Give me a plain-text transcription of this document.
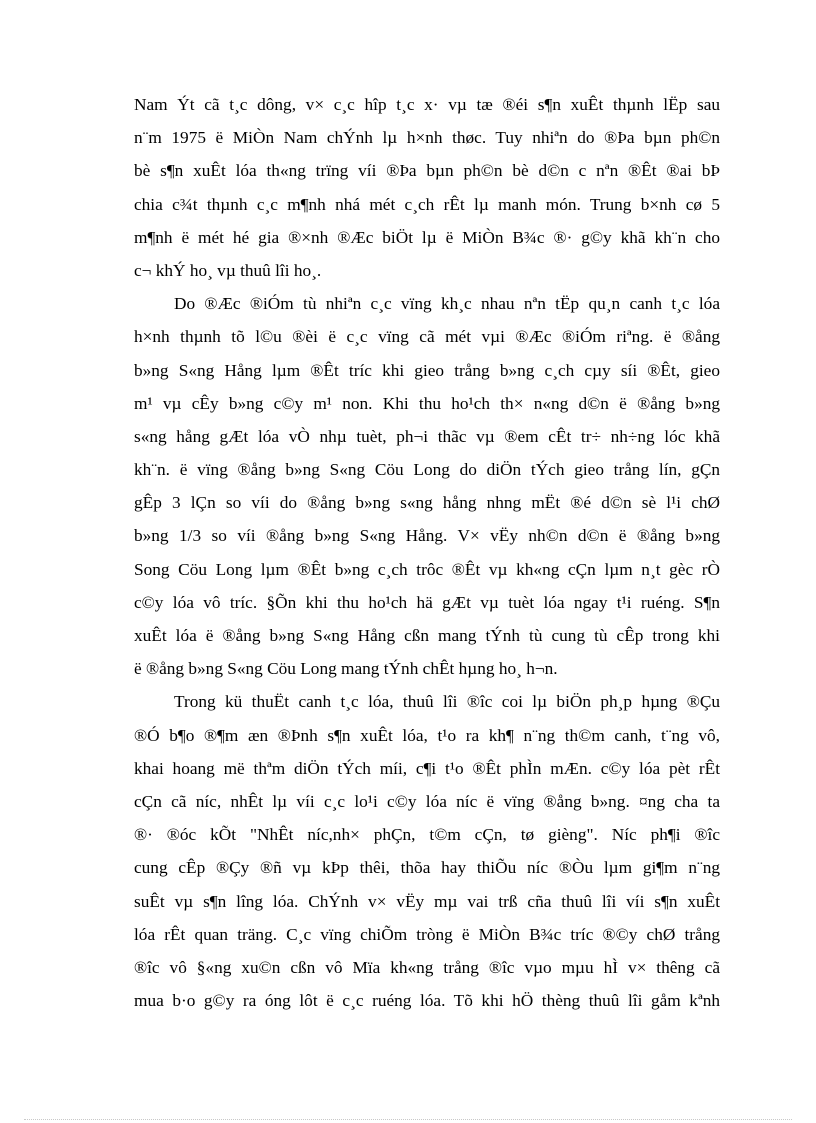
Nam Ýt cã t¸c dông, v× c¸c hîp t¸c x· vµ tæ ®éi s¶n xuÊt thµnh lËp sau
n¨m 1975 ë MiÒn Nam chÝnh lµ h×nh thøc. Tuy nhiªn do ®Þa bµn ph©n
bè s¶n xuÊt lóa th«ng trïng víi ®Þa bµn ph©n bè d©n c nªn ®Êt ®ai bÞ
chia c¾t thµnh c¸c m¶nh nhá mét c¸ch rÊt lµ manh món. Trung b×nh cø 5
m¶nh ë mét hé gia ®×nh ®Æc biÖt lµ ë MiÒn B¾c ®· g©y khã kh¨n cho
c¬ khÝ ho¸ vµ thuû lîi ho¸.
Do ®Æc ®iÓm tù nhiªn c¸c vïng kh¸c nhau nªn tËp qu¸n canh t¸c lóa
h×nh thµnh tõ l©u ®èi ë c¸c vïng cã mét vµi ®Æc ®iÓm riªng. ë ®ång
b»ng S«ng Hång lµm ®Êt tríc khi gieo trång b»ng c¸ch cµy síi ®Êt, gieo
m¹ vµ cÊy b»ng c©y m¹ non. Khi thu ho¹ch th× n«ng d©n ë ®ång b»ng
s«ng hång gÆt lóa vÒ nhµ tuèt, ph¬i thãc vµ ®em cÊt tr÷ nh÷ng lóc khã
kh¨n. ë vïng ®ång b»ng S«ng Cöu Long do diÖn tÝch gieo trång lín, gÇn
gÊp 3 lÇn so víi do ®ång b»ng s«ng hång nhng mËt ®é d©n sè l¹i chØ
b»ng 1/3 so víi ®ång b»ng S«ng Hång. V× vËy nh©n d©n ë ®ång b»ng
Song Cöu Long lµm ®Êt b»ng c¸ch trôc ®Êt vµ kh«ng cÇn lµm n¸t gèc rÒ
c©y lóa vô tríc. §Õn khi thu ho¹ch hä gÆt vµ tuèt lóa ngay t¹i ruéng. S¶n
xuÊt lóa ë ®ång b»ng S«ng Hång cßn mang tÝnh tù cung tù cÊp trong khi
ë ®ång b»ng S«ng Cöu Long mang tÝnh chÊt hµng ho¸ h¬n.
Trong kü thuËt canh t¸c lóa, thuû lîi ®îc coi lµ biÖn ph¸p hµng ®Çu
®Ó b¶o ®¶m æn ®Þnh s¶n xuÊt lóa, t¹o ra kh¶ n¨ng th©m canh, t¨ng vô,
khai hoang më thªm diÖn tÝch míi, c¶i t¹o ®Êt phÌn mÆn. c©y lóa pèt rÊt
cÇn cã níc, nhÊt lµ víi c¸c lo¹i c©y lóa níc ë vïng ®ång b»ng. ¤ng cha ta
®· ®óc kÕt "NhÊt níc,nh× phÇn, t©m cÇn, tø gièng". Níc ph¶i ®îc
cung cÊp ®Çy ®ñ vµ kÞp thêi, thõa hay thiÕu níc ®Òu lµm gi¶m n¨ng
suÊt vµ s¶n lîng lóa. ChÝnh v× vËy mµ vai trß cña thuû lîi víi s¶n xuÊt
lóa rÊt quan träng. C¸c vïng chiÕm tròng ë MiÒn B¾c tríc ®©y chØ trång
®îc vô §«ng xu©n cßn vô Mïa kh«ng trång ®îc vµo mµu hÌ v× thêng cã
mua b·o g©y ra óng lôt ë c¸c ruéng lóa. Tõ khi hÖ thèng thuû lîi gåm kªnh
